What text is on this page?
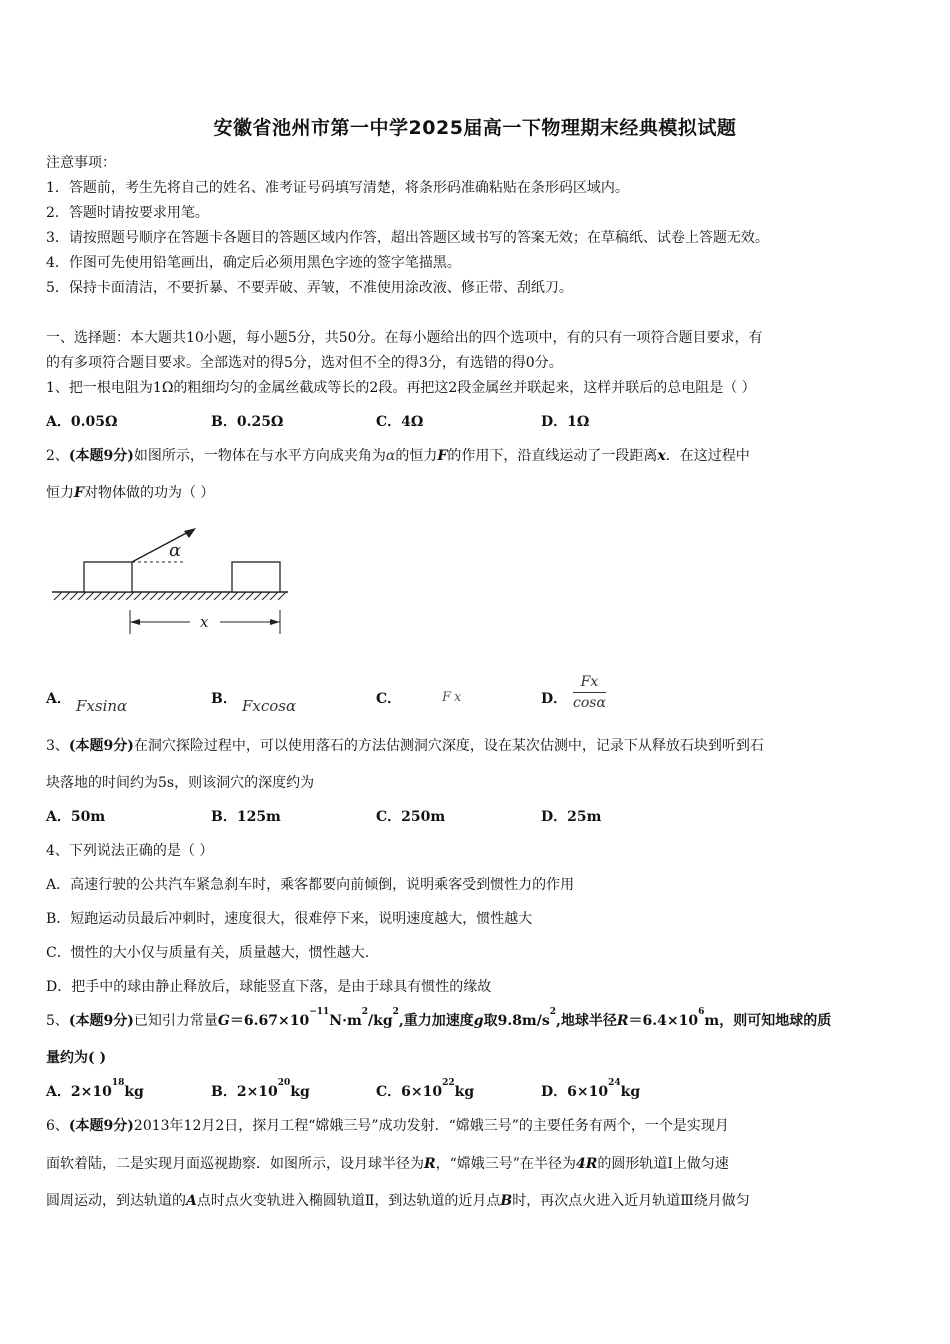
安徽省池州市第一中学2025届高一下物理期末经典模拟试题
注意事项：
1．答题前，考生先将自己的姓名、准考证号码填写清楚，将条形码准确粘贴在条形码区域内。
2．答题时请按要求用笔。
3．请按照题号顺序在答题卡各题目的答题区域内作答，超出答题区域书写的答案无效；在草稿纸、试卷上答题无效。
4．作图可先使用铅笔画出，确定后必须用黑色字迹的签字笔描黑。
5．保持卡面清洁，不要折暴、不要弄破、弄皱，不准使用涂改液、修正带、刮纸刀。
一、选择题：本大题共10小题，每小题5分，共50分。在每小题给出的四个选项中，有的只有一项符合题目要求，有
的有多项符合题目要求。全部选对的得5分，选对但不全的得3分，有选错的得0分。
1、把一根电阻为1Ω的粗细均匀的金属丝截成等长的2段。再把这2段金属丝并联起来，这样并联后的总电阻是（ ）
A．0.05Ω	B．0.25Ω	C．4Ω	D．1Ω
2、(本题9分)如图所示，一物体在与水平方向成夹角为α的恒力F的作用下，沿直线运动了一段距离x．在这过程中
恒力F对物体做的功为（ ）
α
x
A． Fxsinα	B． Fxcosα	C．	Fx	D．
Fx
cosα
3、(本题9分)在洞穴探险过程中，可以使用落石的方法估测洞穴深度，设在某次估测中，记录下从释放石块到听到石
块落地的时间约为5s，则该洞穴的深度约为
A．50m	B．125m	C．250m	D．25m
4、下列说法正确的是（ ）
A．高速行驶的公共汽车紧急刹车时，乘客都要向前倾倒，说明乘客受到惯性力的作用
B．短跑运动员最后冲刺时，速度很大，很难停下来，说明速度越大，惯性越大
C．惯性的大小仅与质量有关，质量越大，惯性越大.
D．把手中的球由静止释放后，球能竖直下落，是由于球具有惯性的缘故
5、(本题9分)已知引力常量$G=6.67\times 10^{-11}N\cdot m^2/kg^2$,重力加速度g取$9.8m/s^2$,地球半径$R=6.4\times 10^6m$，则可知地球的质
量约为( )
A．$2\times 10^{18}kg$	B．$2\times 10^{20}kg$	C．$6\times 10^{22}kg$	D．$6\times 10^{24}kg$
6、(本题9分)2013年12月2日，探月工程“嫦娥三号”成功发射．“嫦娥三号”的主要任务有两个，一个是实现月
面软着陆，二是实现月面巡视勘察．如图所示，设月球半径为R，“嫦娥三号”在半径为4R的圆形轨道Ⅰ上做匀速
圆周运动，到达轨道的A点时点火变轨进入椭圆轨道Ⅱ，到达轨道的近月点B时，再次点火进入近月轨道Ⅲ绕月做匀
